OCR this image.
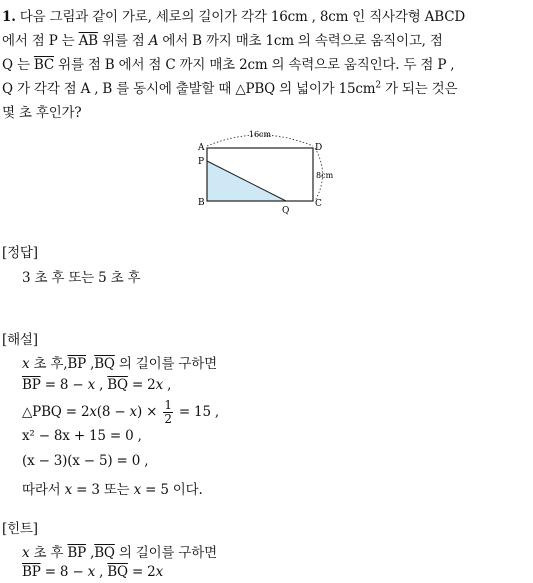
1. 다음 그림과 같이 가로, 세로의 길이가 각각 16cm , 8cm 인 직사각형 ABCD
에서 점 P 는 $\overline{AB}$ 위를 점 A 에서 B 까지 매초 1cm 의 속력으로 움직이고, 점
Q 는 $\overline{BC}$ 위를 점 B 에서 점 C 까지 매초 2cm 의 속력으로 움직인다. 두 점 P ,
Q 가 각각 점 A , B 를 동시에 출발할 때 △PBQ 의 넓이가 $15cm^2$ 가 되는 것은
몇 초 후인가?
16cm
8cm
A
P
B
Q
C
D
[정답]
3 초 후 또는 5 초 후
[해설]
x 초 후$,\overline{BP}$ $,\overline{BQ}$ 의 길이를 구하면
$\overline{BP} = 8 - x$ , $\overline{BQ} = 2x$ ,
△PBQ = $2x(8 - x) \times \frac{1}{2} = 15$ ,
x² − 8x + 15 = 0 ,
(x − 3)(x − 5) = 0 ,
따라서 x = 3 또는 x = 5 이다.
[힌트]
x 초 후 $\overline{BP}$ $,\overline{BQ}$ 의 길이를 구하면
$\overline{BP} = 8 - x$ , $\overline{BQ} = 2x$
